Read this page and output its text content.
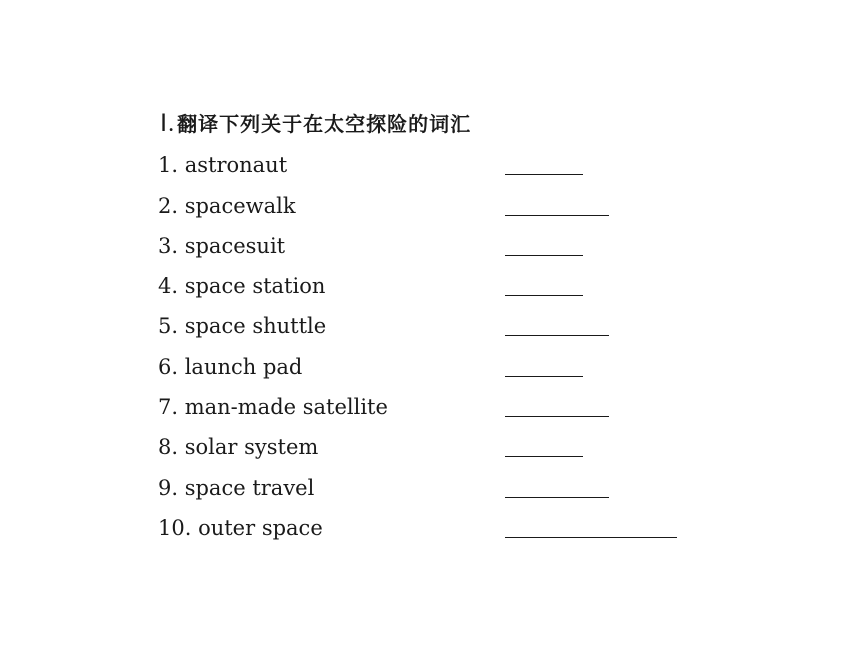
Ⅰ. 翻译下列关于在太空探险的词汇
1. astronaut
2. spacewalk
3. spacesuit
4. space station
5. space shuttle
6. launch pad
7. man-made satellite
8. solar system
9. space travel
10. outer space
